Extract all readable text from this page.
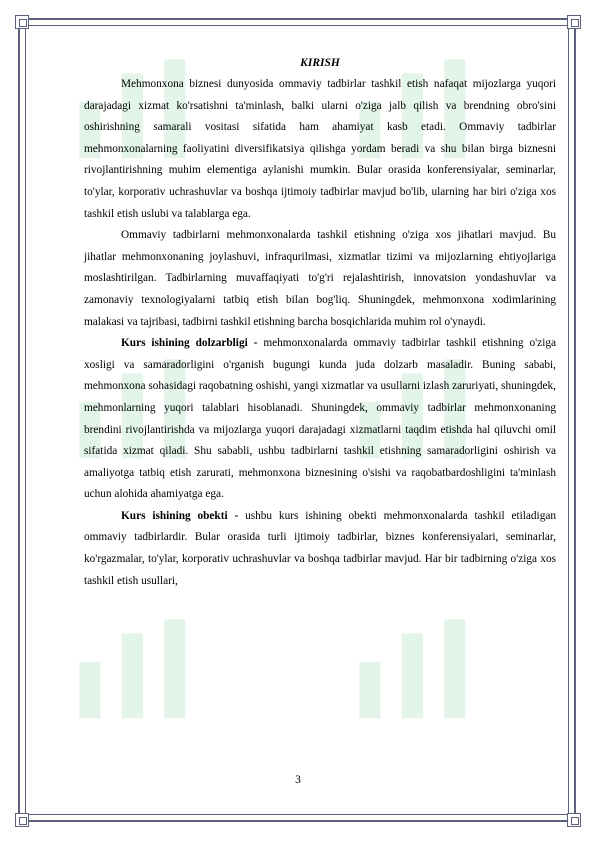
KIRISH

Mehmonxona biznesi dunyosida ommaviy tadbirlar tashkil etish nafaqat mijozlarga yuqori darajadagi xizmat ko'rsatishni ta'minlash, balki ularni o'ziga jalb qilish va brendning obro'sini oshirishning samarali vositasi sifatida ham ahamiyat kasb etadi. Ommaviy tadbirlar mehmonxonalarning faoliyatini diversifikatsiya qilishga yordam beradi va shu bilan birga biznesni rivojlantirishning muhim elementiga aylanishi mumkin. Bular orasida konferensiyalar, seminarlar, to'ylar, korporativ uchrashuvlar va boshqa ijtimoiy tadbirlar mavjud bo'lib, ularning har biri o'ziga xos tashkil etish uslubi va talablarga ega.

Ommaviy tadbirlarni mehmonxonalarda tashkil etishning o'ziga xos jihatlari mavjud. Bu jihatlar mehmonxonaning joylashuvi, infraqurilmasi, xizmatlar tizimi va mijozlarning ehtiyojlariga moslashtirilgan. Tadbirlarning muvaffaqiyati to'g'ri rejalashtirish, innovatsion yondashuvlar va zamonaviy texnologiyalarni tatbiq etish bilan bog'liq. Shuningdek, mehmonxona xodimlarining malakasi va tajribasi, tadbirni tashkil etishning barcha bosqichlarida muhim rol o'ynaydi.

Kurs ishining dolzarbligi - mehmonxonalarda ommaviy tadbirlar tashkil etishning o'ziga xosligi va samaradorligini o'rganish bugungi kunda juda dolzarb masaladir. Buning sababi, mehmonxona sohasidagi raqobatning oshishi, yangi xizmatlar va usullarni izlash zaruriyati, shuningdek, mehmonlarning yuqori talablari hisoblanadi. Shuningdek, ommaviy tadbirlar mehmonxonaning brendini rivojlantirishda va mijozlarga yuqori darajadagi xizmatlarni taqdim etishda hal qiluvchi omil sifatida xizmat qiladi. Shu sababli, ushbu tadbirlarni tashkil etishning samaradorligini oshirish va amaliyotga tatbiq etish zarurati, mehmonxona biznesining o'sishi va raqobatbardoshligini ta'minlash uchun alohida ahamiyatga ega.

Kurs ishining obekti - ushbu kurs ishining obekti mehmonxonalarda tashkil etiladigan ommaviy tadbirlardir. Bular orasida turli ijtimoiy tadbirlar, biznes konferensiyalari, seminarlar, ko'rgazmalar, to'ylar, korporativ uchrashuvlar va boshqa tadbirlar mavjud. Har bir tadbirning o'ziga xos tashkil etish usullari,

3
